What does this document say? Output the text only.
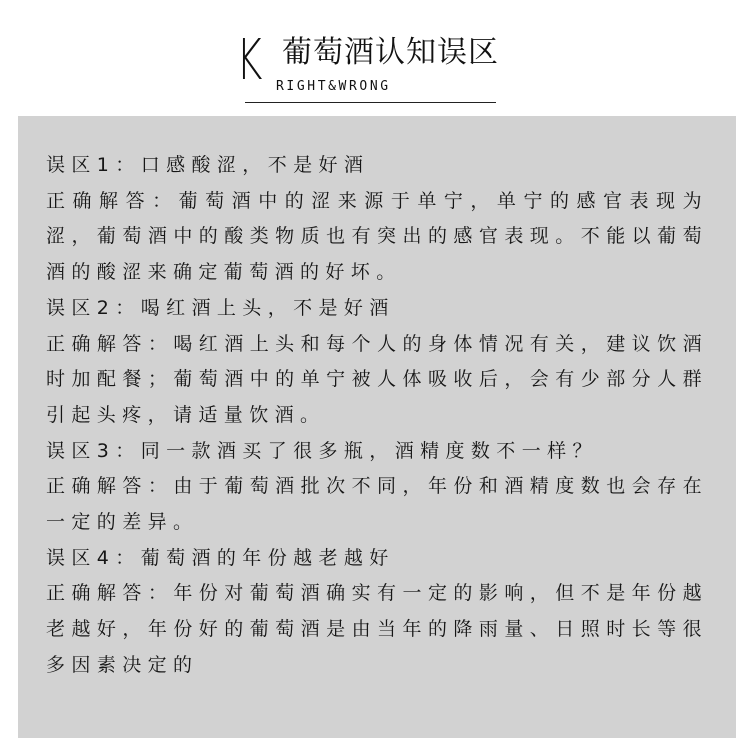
K 葡萄酒认知误区
RIGHT&WRONG

误区1：口感酸涩，不是好酒

正确解答：葡萄酒中的涩来源于单宁，单宁的感官表现为涩，葡萄酒中的酸类物质也有突出的感官表现。不能以葡萄酒的酸涩来确定葡萄酒的好坏。

误区2：喝红酒上头，不是好酒

正确解答：喝红酒上头和每个人的身体情况有关，建议饮酒时加配餐；葡萄酒中的单宁被人体吸收后，会有少部分人群引起头疼，请适量饮酒。

误区3：同一款酒买了很多瓶，酒精度数不一样？

正确解答：由于葡萄酒批次不同，年份和酒精度数也会存在一定的差异。

误区4：葡萄酒的年份越老越好

正确解答：年份对葡萄酒确实有一定的影响，但不是年份越老越好，年份好的葡萄酒是由当年的降雨量、日照时长等很多因素决定的
